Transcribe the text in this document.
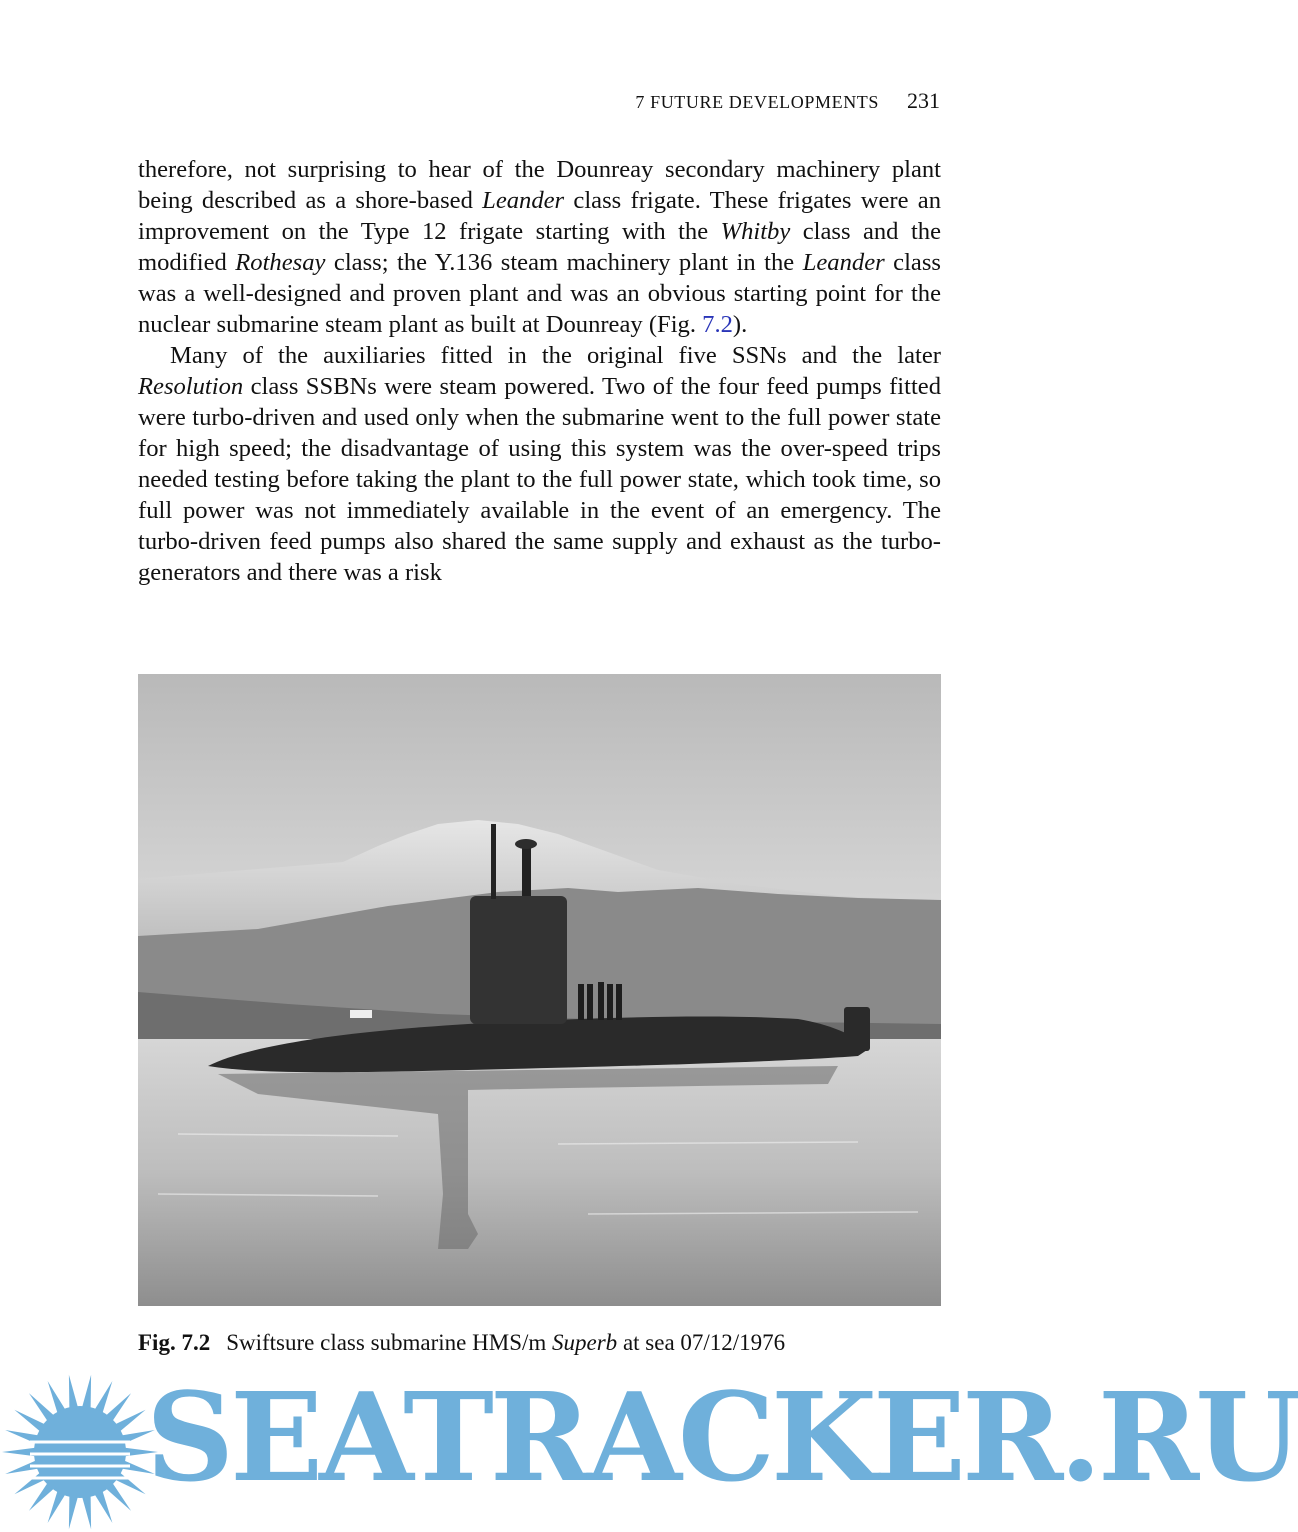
7 FUTURE DEVELOPMENTS 231

therefore, not surprising to hear of the Dounreay secondary machinery plant being described as a shore-based Leander class frigate. These frigates were an improvement on the Type 12 frigate starting with the Whitby class and the modified Rothesay class; the Y.136 steam machinery plant in the Leander class was a well-designed and proven plant and was an obvious starting point for the nuclear submarine steam plant as built at Dounreay (Fig. 7.2).

Many of the auxiliaries fitted in the original five SSNs and the later Resolution class SSBNs were steam powered. Two of the four feed pumps fitted were turbo-driven and used only when the submarine went to the full power state for high speed; the disadvantage of using this system was the over-speed trips needed testing before taking the plant to the full power state, which took time, so full power was not immediately available in the event of an emergency. The turbo-driven feed pumps also shared the same supply and exhaust as the turbo-generators and there was a risk

Fig. 7.2 Swiftsure class submarine HMS/m Superb at sea 07/12/1976
SEATRACKER.RU
